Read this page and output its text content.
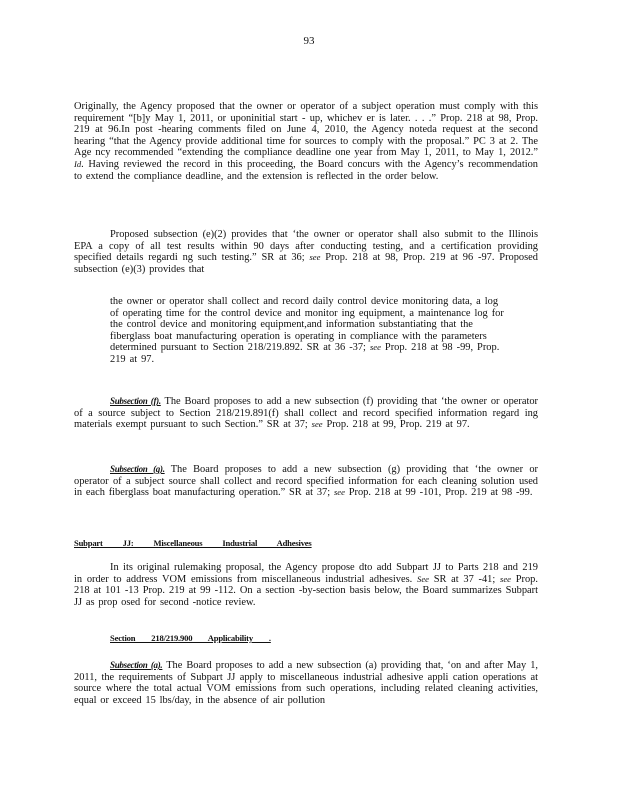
93
Originally, the Agency proposed that the owner or operator of a subject operation must comply with this requirement “[b]y May 1, 2011, or uponinitial start - up, whichev er is later. . . .” Prop. 218 at 98, Prop. 219 at 96.In post -hearing comments filed on June 4, 2010, the Agency noteda request at the second hearing “that the Agency provide additional time for sources to comply with the proposal.” PC 3 at 2. The Age ncy recommended “extending the compliance deadline one year from May 1, 2011, to May 1, 2012.” Id. Having reviewed the record in this proceeding, the Board concurs with the Agency’s recommendation to extend the compliance deadline, and the extension is reflected in the order below.
Proposed subsection (e)(2) provides that ‘the owner or operator shall also submit to the Illinois EPA a copy of all test results within 90 days after conducting testing, and a certification providing specified details regardi ng such testing.” SR at 36; see Prop. 218 at 98, Prop. 219 at 96 -97. Proposed subsection (e)(3) provides that
the owner or operator shall collect and record daily control device monitoring data, a log of operating time for the control device and monitor ing equipment, a maintenance log for the control device and monitoring equipment,and information substantiating that the fiberglass boat manufacturing operation is operating in compliance with the parameters determined pursuant to Section 218/219.892. SR at 36 -37; see Prop. 218 at 98 -99, Prop. 219 at 97.
Subsection (f). The Board proposes to add a new subsection (f) providing that ‘the owner or operator of a source subject to Section 218/219.891(f) shall collect and record specified information regard ing materials exempt pursuant to such Section.” SR at 37; see Prop. 218 at 99, Prop. 219 at 97.
Subsection (g). The Board proposes to add a new subsection (g) providing that ‘the owner or operator of a subject source shall collect and record specified information for each cleaning solution used in each fiberglass boat manufacturing operation.” SR at 37; see Prop. 218 at 99 -101, Prop. 219 at 98 -99.
Subpart JJ: Miscellaneous Industrial Adhesives
In its original rulemaking proposal, the Agency propose dto add Subpart JJ to Parts 218 and 219 in order to address VOM emissions from miscellaneous industrial adhesives. See SR at 37 -41; see Prop. 218 at 101 -13 Prop. 219 at 99 -112. On a section -by-section basis below, the Board summarizes Subpart JJ as prop osed for second -notice review.
Section 218/219.900 Applicability .
Subsection (a). The Board proposes to add a new subsection (a) providing that, ‘on and after May 1, 2011, the requirements of Subpart JJ apply to miscellaneous industrial adhesive appli cation operations at source where the total actual VOM emissions from such operations, including related cleaning activities, equal or exceed 15 lbs/day, in the absence of air pollution
